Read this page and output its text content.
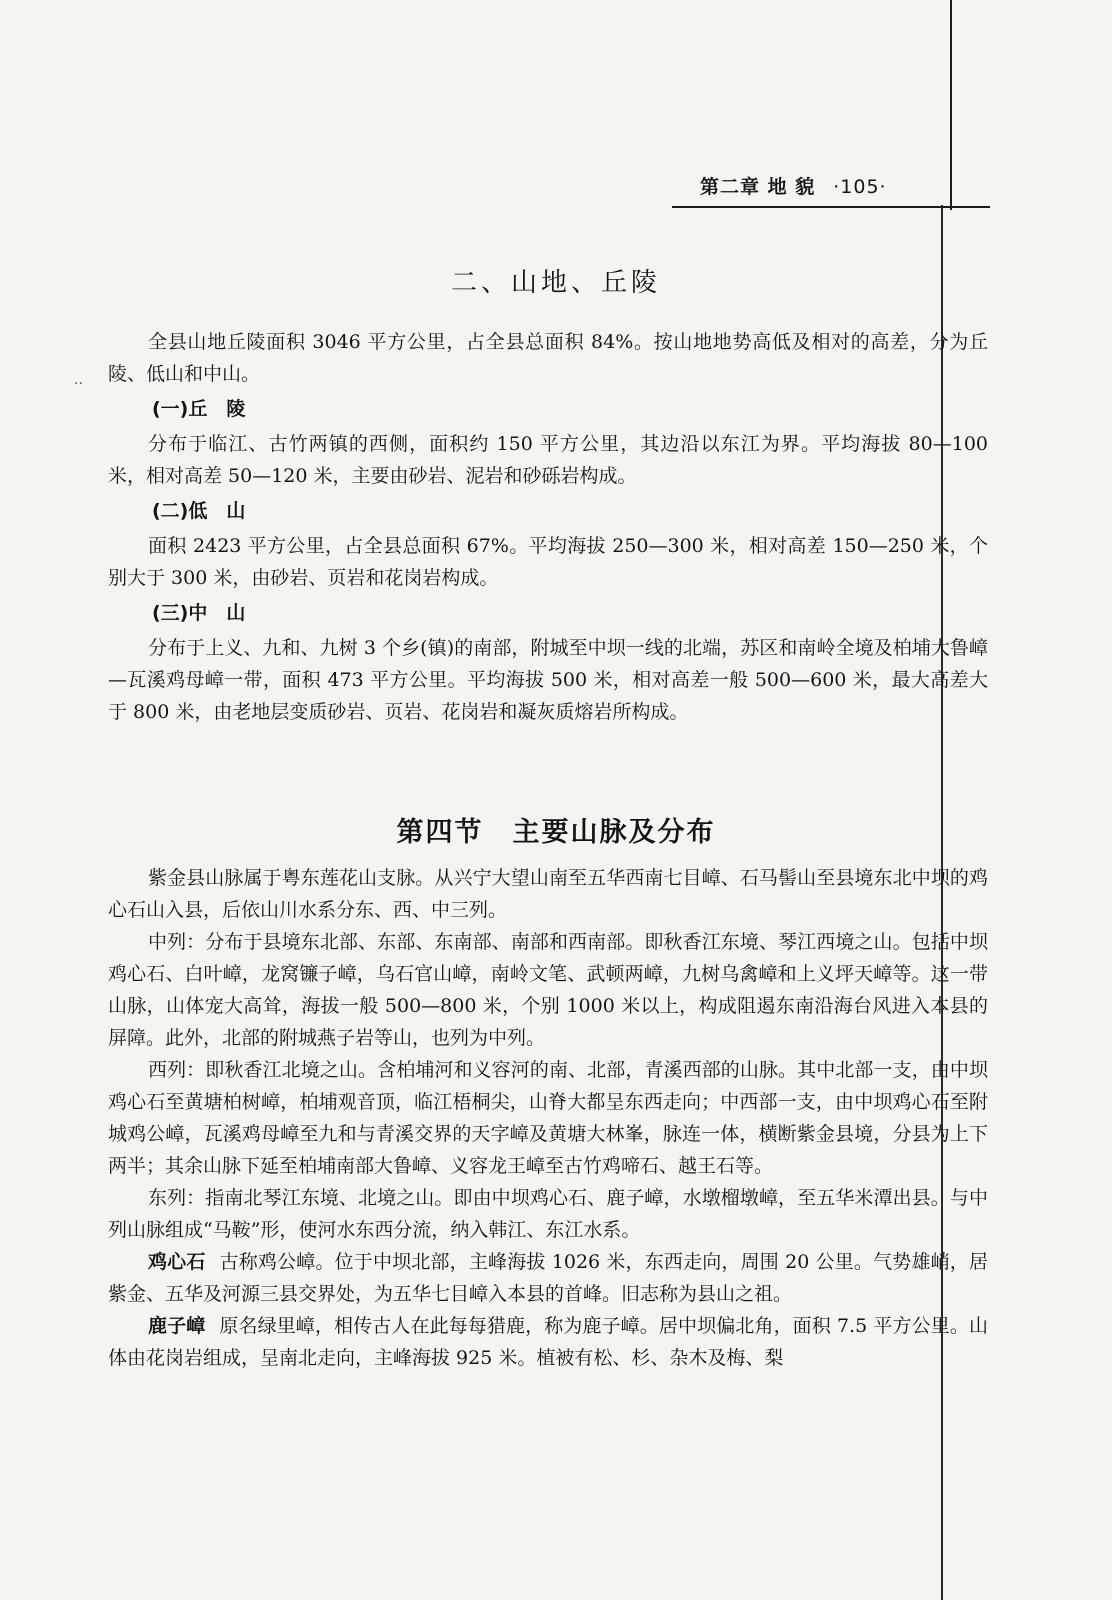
第二章 地 貌 ·105·
..
二、山地、丘陵

全县山地丘陵面积 3046 平方公里，占全县总面积 84%。按山地地势高低及相对的高差，分为丘陵、低山和中山。

(一)丘　陵

分布于临江、古竹两镇的西侧，面积约 150 平方公里，其边沿以东江为界。平均海拔 80—100 米，相对高差 50—120 米，主要由砂岩、泥岩和砂砾岩构成。

(二)低　山

面积 2423 平方公里，占全县总面积 67%。平均海拔 250—300 米，相对高差 150—250 米，个别大于 300 米，由砂岩、页岩和花岗岩构成。

(三)中　山

分布于上义、九和、九树 3 个乡(镇)的南部，附城至中坝一线的北端，苏区和南岭全境及柏埔大鲁嶂—瓦溪鸡母嶂一带，面积 473 平方公里。平均海拔 500 米，相对高差一般 500—600 米，最大高差大于 800 米，由老地层变质砂岩、页岩、花岗岩和凝灰质熔岩所构成。

第四节　主要山脉及分布

紫金县山脉属于粤东莲花山支脉。从兴宁大望山南至五华西南七目嶂、石马髻山至县境东北中坝的鸡心石山入县，后依山川水系分东、西、中三列。

中列：分布于县境东北部、东部、东南部、南部和西南部。即秋香江东境、琴江西境之山。包括中坝鸡心石、白叶嶂，龙窝镰子嶂，乌石官山嶂，南岭文笔、武顿两嶂，九树乌禽嶂和上义坪天嶂等。这一带山脉，山体宠大高耸，海拔一般 500—800 米，个别 1000 米以上，构成阻遏东南沿海台风进入本县的屏障。此外，北部的附城燕子岩等山，也列为中列。

西列：即秋香江北境之山。含柏埔河和义容河的南、北部，青溪西部的山脉。其中北部一支，由中坝鸡心石至黄塘柏树嶂，柏埔观音顶，临江梧桐尖，山脊大都呈东西走向；中西部一支，由中坝鸡心石至附城鸡公嶂，瓦溪鸡母嶂至九和与青溪交界的天字嶂及黄塘大林峯，脉连一体，横断紫金县境，分县为上下两半；其余山脉下延至柏埔南部大鲁嶂、义容龙王嶂至古竹鸡啼石、越王石等。

东列：指南北琴江东境、北境之山。即由中坝鸡心石、鹿子嶂，水墩榴墩嶂，至五华米潭出县。与中列山脉组成“马鞍”形，使河水东西分流，纳入韩江、东江水系。

鸡心石 古称鸡公嶂。位于中坝北部，主峰海拔 1026 米，东西走向，周围 20 公里。气势雄峭，居紫金、五华及河源三县交界处，为五华七目嶂入本县的首峰。旧志称为县山之祖。

鹿子嶂 原名绿里嶂，相传古人在此每每猎鹿，称为鹿子嶂。居中坝偏北角，面积 7.5 平方公里。山体由花岗岩组成，呈南北走向，主峰海拔 925 米。植被有松、杉、杂木及梅、梨
